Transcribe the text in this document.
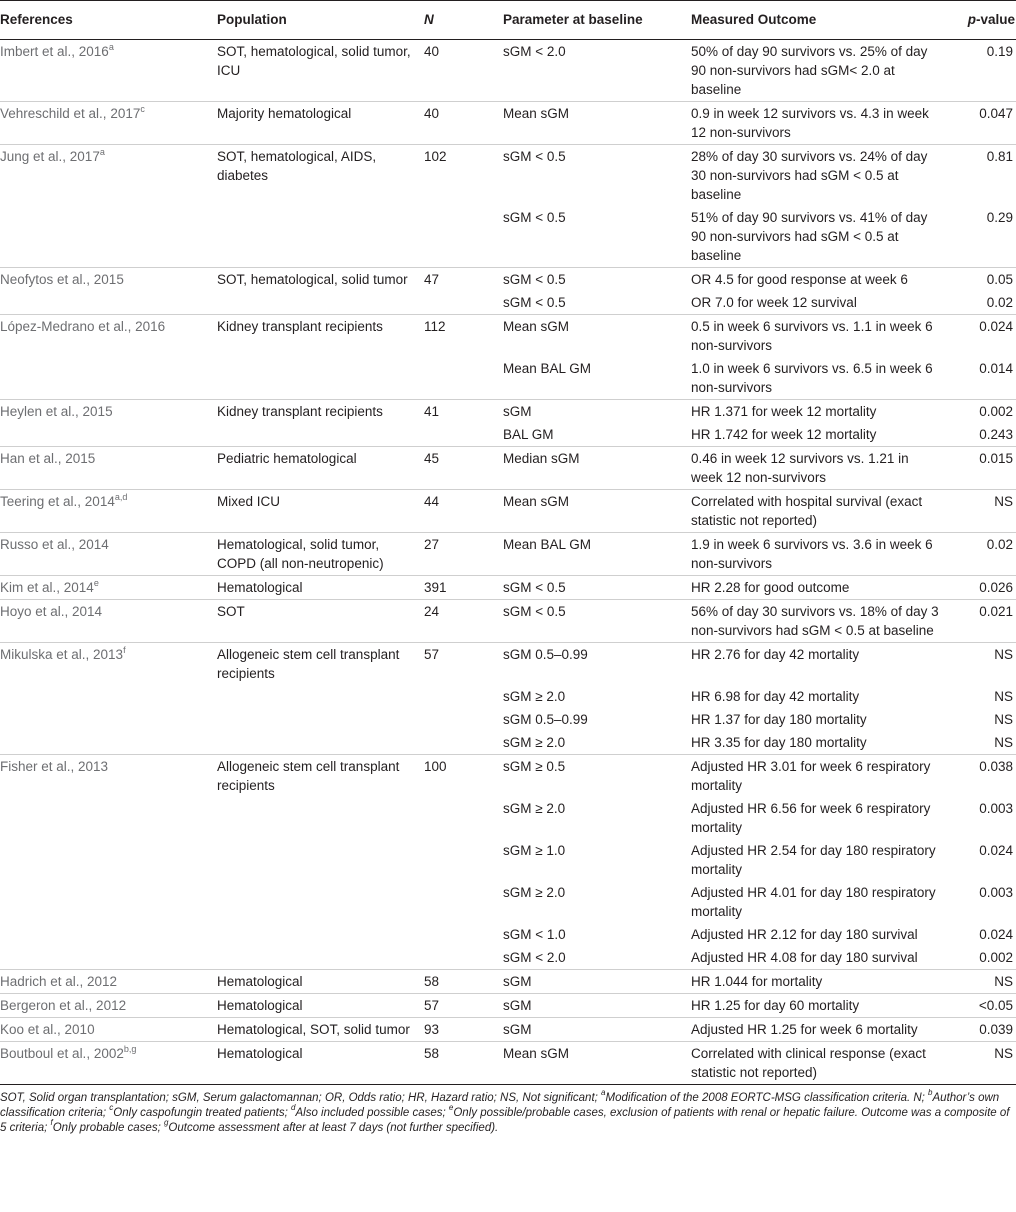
References	Population	N	Parameter at baseline	Measured Outcome	p-value
Imbert et al., 2016$^a$	SOT, hematological, solid tumor, ICU	40	sGM < 2.0	50% of day 90 survivors vs. 25% of day 90 non-survivors had sGM< 2.0 at baseline	0.19
Vehreschild et al., 2017$^c$	Majority hematological	40	Mean sGM	0.9 in week 12 survivors vs. 4.3 in week 12 non-survivors	0.047
Jung et al., 2017$^a$	SOT, hematological, AIDS, diabetes	102	sGM < 0.5	28% of day 30 survivors vs. 24% of day 30 non-survivors had sGM < 0.5 at baseline	0.81
			sGM < 0.5	51% of day 90 survivors vs. 41% of day 90 non-survivors had sGM < 0.5 at baseline	0.29
Neofytos et al., 2015	SOT, hematological, solid tumor	47	sGM < 0.5	OR 4.5 for good response at week 6	0.05
			sGM < 0.5	OR 7.0 for week 12 survival	0.02
López-Medrano et al., 2016	Kidney transplant recipients	112	Mean sGM	0.5 in week 6 survivors vs. 1.1 in week 6 non-survivors	0.024
			Mean BAL GM	1.0 in week 6 survivors vs. 6.5 in week 6 non-survivors	0.014
Heylen et al., 2015	Kidney transplant recipients	41	sGM	HR 1.371 for week 12 mortality	0.002
			BAL GM	HR 1.742 for week 12 mortality	0.243
Han et al., 2015	Pediatric hematological	45	Median sGM	0.46 in week 12 survivors vs. 1.21 in week 12 non-survivors	0.015
Teering et al., 2014$^{a,d}$	Mixed ICU	44	Mean sGM	Correlated with hospital survival (exact statistic not reported)	NS
Russo et al., 2014	Hematological, solid tumor, COPD (all non-neutropenic)	27	Mean BAL GM	1.9 in week 6 survivors vs. 3.6 in week 6 non-survivors	0.02
Kim et al., 2014e	Hematological	391	sGM < 0.5	HR 2.28 for good outcome	0.026
Hoyo et al., 2014	SOT	24	sGM < 0.5	56% of day 30 survivors vs. 18% of day 3 non-survivors had sGM < 0.5 at baseline	0.021
Mikulska et al., 2013$^f$	Allogeneic stem cell transplant recipients	57	sGM 0.5–0.99	HR 2.76 for day 42 mortality	NS
			sGM ≥ 2.0	HR 6.98 for day 42 mortality	NS
			sGM 0.5–0.99	HR 1.37 for day 180 mortality	NS
			sGM ≥ 2.0	HR 3.35 for day 180 mortality	NS
Fisher et al., 2013	Allogeneic stem cell transplant recipients	100	sGM ≥ 0.5	Adjusted HR 3.01 for week 6 respiratory mortality	0.038
			sGM ≥ 2.0	Adjusted HR 6.56 for week 6 respiratory mortality	0.003
			sGM ≥ 1.0	Adjusted HR 2.54 for day 180 respiratory mortality	0.024
			sGM ≥ 2.0	Adjusted HR 4.01 for day 180 respiratory mortality	0.003
			sGM < 1.0	Adjusted HR 2.12 for day 180 survival	0.024
			sGM < 2.0	Adjusted HR 4.08 for day 180 survival	0.002
Hadrich et al., 2012	Hematological	58	sGM	HR 1.044 for mortality	NS
Bergeron et al., 2012	Hematological	57	sGM	HR 1.25 for day 60 mortality	<0.05
Koo et al., 2010	Hematological, SOT, solid tumor	93	sGM	Adjusted HR 1.25 for week 6 mortality	0.039
Boutboul et al., 2002$^{b,g}$	Hematological	58	Mean sGM	Correlated with clinical response (exact statistic not reported)	NS
SOT, Solid organ transplantation; sGM, Serum galactomannan; OR, Odds ratio; HR, Hazard ratio; NS, Not significant; $^a$Modification of the 2008 EORTC-MSG classification criteria. N; $^b$Author’s own classification criteria; $^c$Only caspofungin treated patients; $^d$Also included possible cases; $^e$Only possible/probable cases, exclusion of patients with renal or hepatic failure. Outcome was a composite of 5 criteria; $^f$Only probable cases; $^g$Outcome assessment after at least 7 days (not further specified).
